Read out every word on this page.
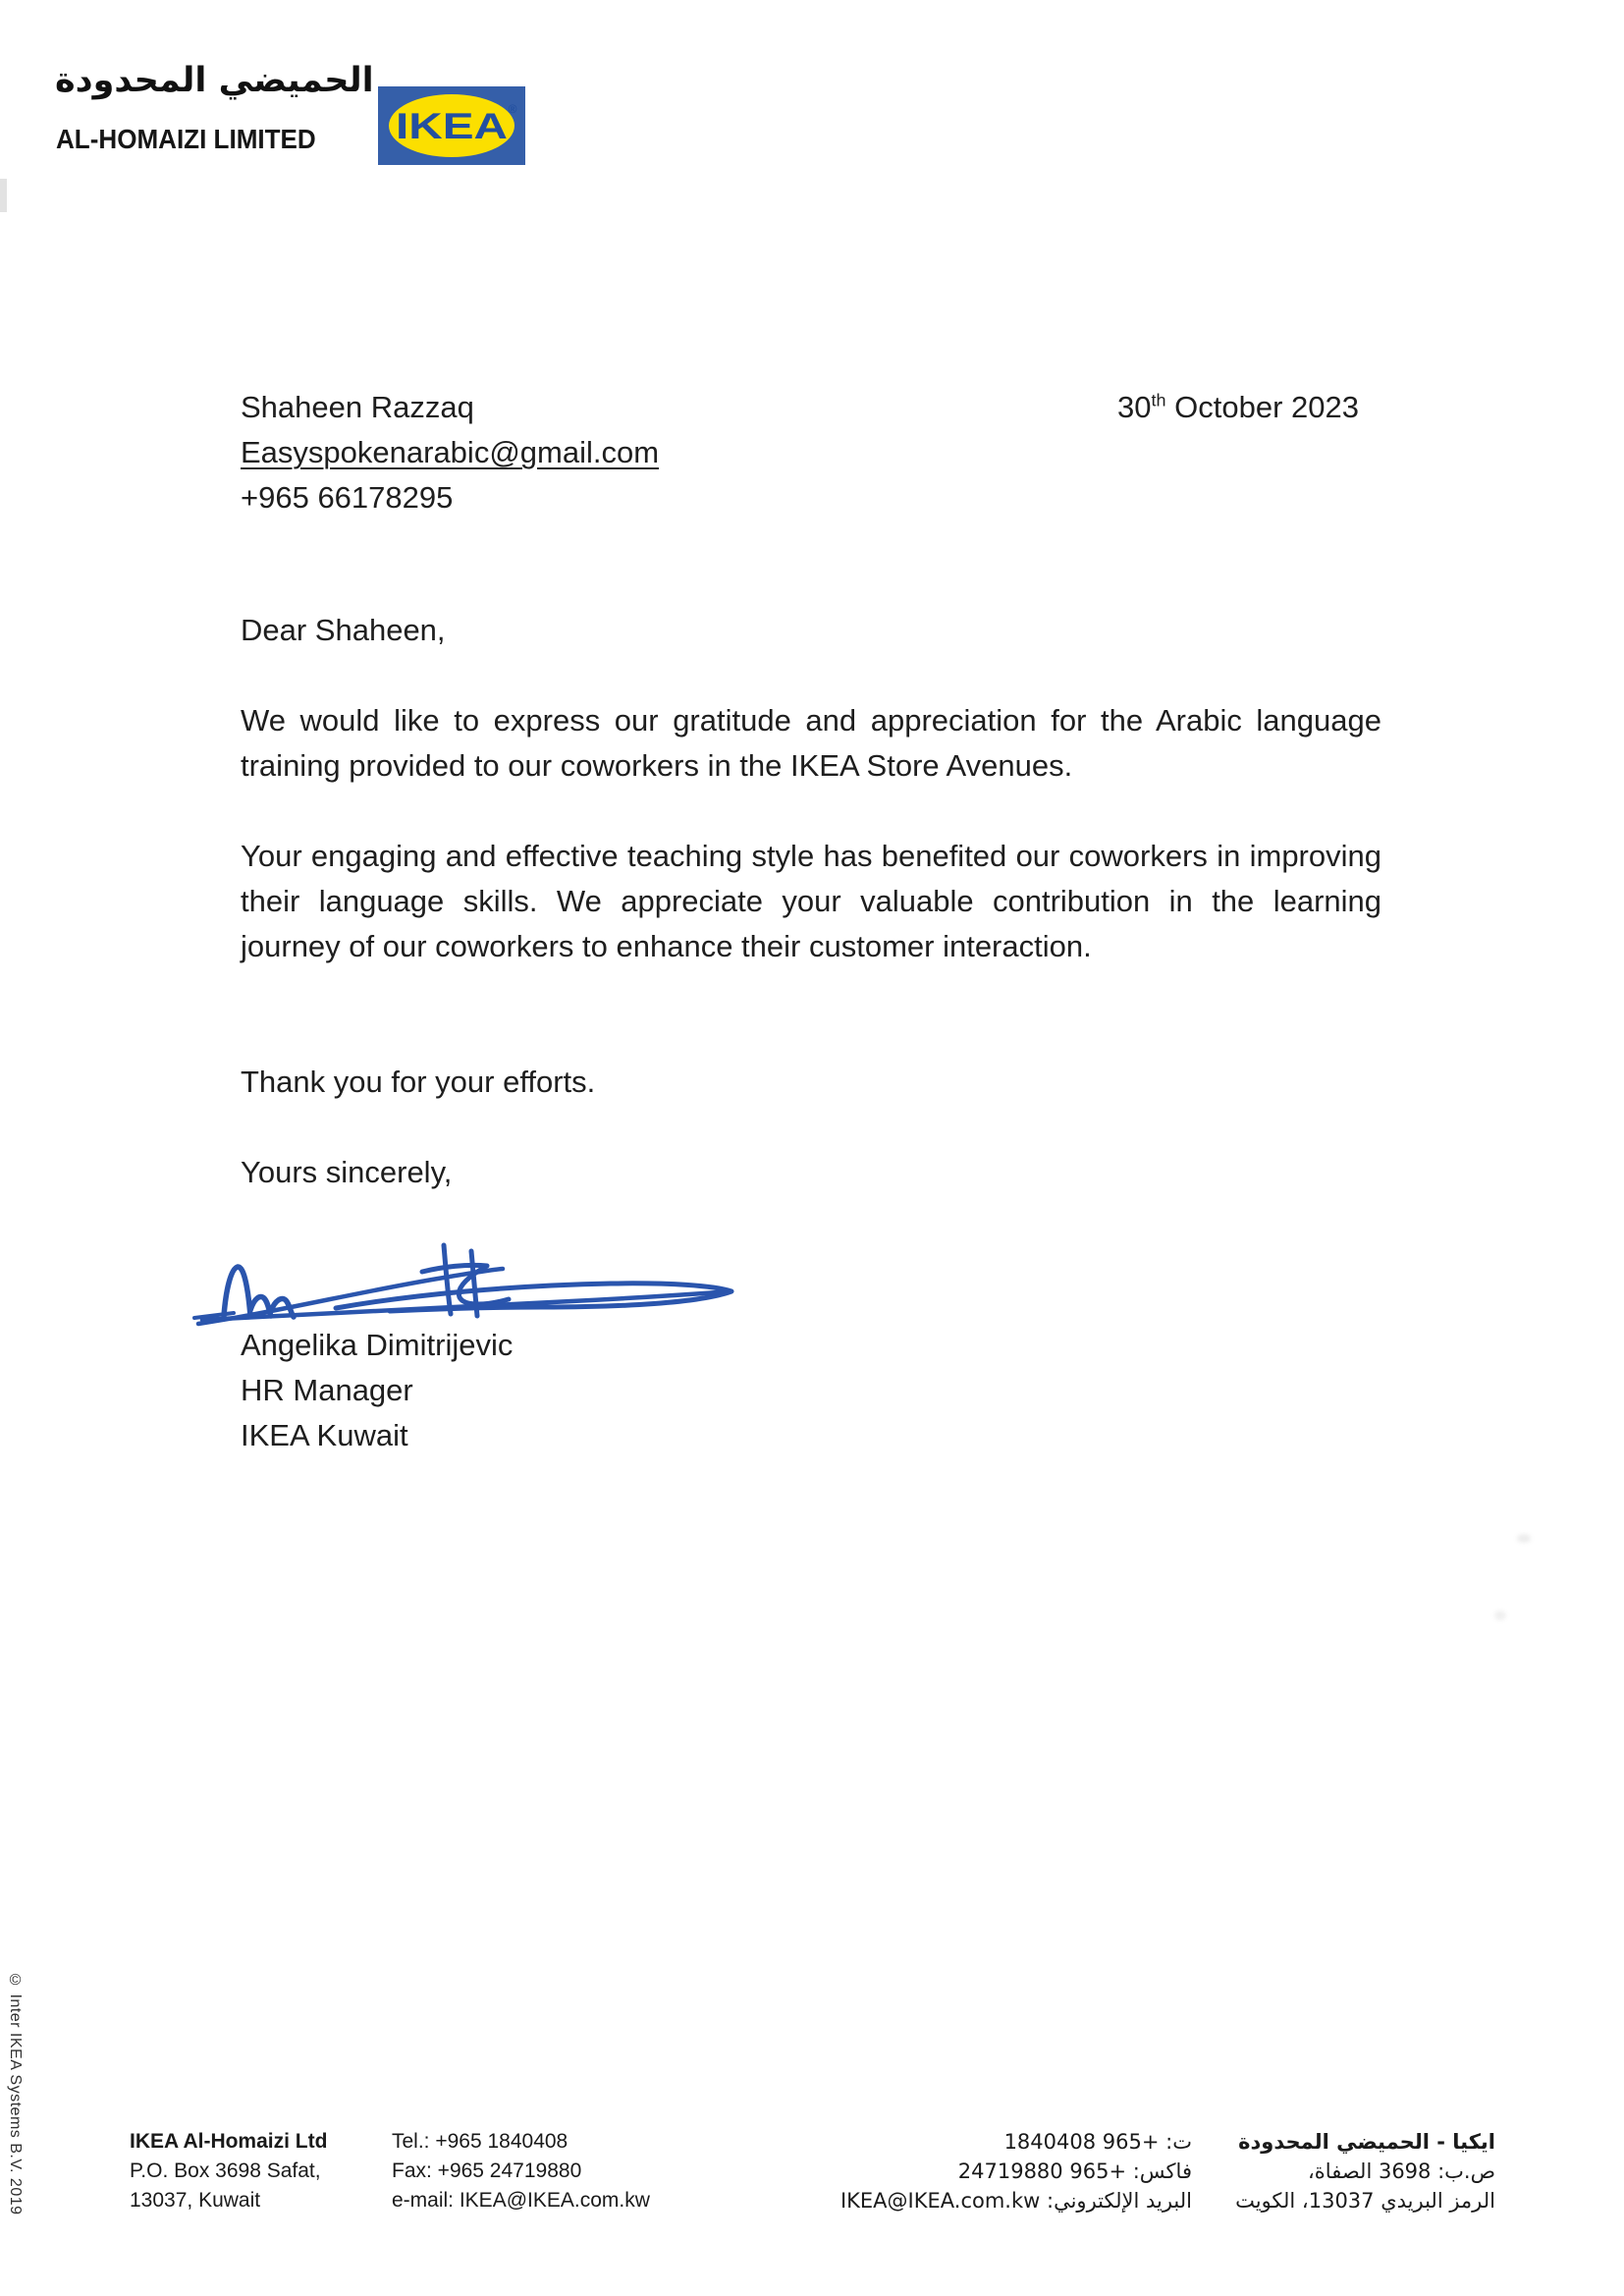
الحميضي المحدودة
AL-HOMAIZI LIMITED IKEA ®
Shaheen Razzaq
Easyspokenarabic@gmail.com
+965 66178295
30th October 2023
Dear Shaheen,
We would like to express our gratitude and appreciation for the Arabic language training provided to our coworkers in the IKEA Store Avenues.
Your engaging and effective teaching style has benefited our coworkers in improving their language skills. We appreciate your valuable contribution in the learning journey of our coworkers to enhance their customer interaction.
Thank you for your efforts.
Yours sincerely,
Angelika Dimitrijevic
HR Manager
IKEA Kuwait
© Inter IKEA Systems B.V. 2019	IKEA Al-Homaizi Ltd
P.O. Box 3698 Safat,
13037, Kuwait
Tel.: +965 1840408
Fax: +965 24719880
e-mail: IKEA@IKEA.com.kw
ت: +965 1840408
فاكس: +965 24719880
البريد الإلكتروني: IKEA@IKEA.com.kw
ايكيا - الحميضي المحدودة
ص.ب: 3698 الصفاة،
الرمز البريدي 13037، الكويت
